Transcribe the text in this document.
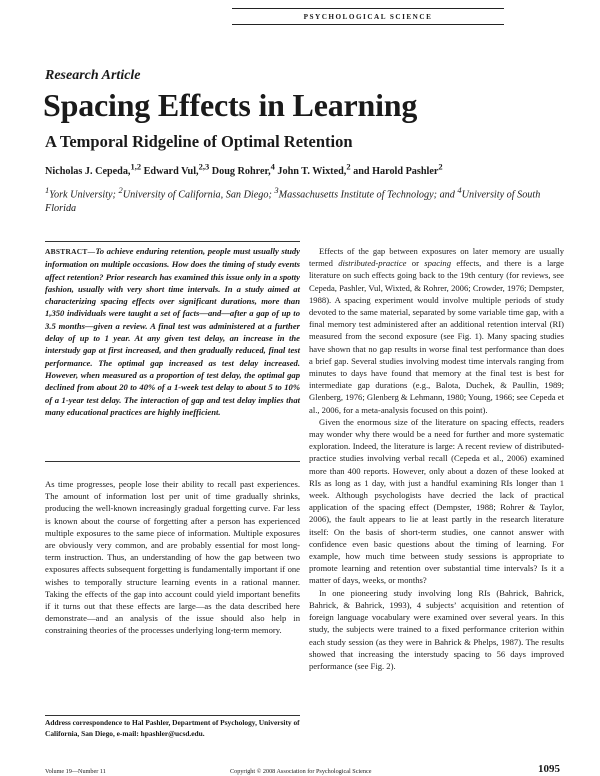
PSYCHOLOGICAL SCIENCE
Research Article
Spacing Effects in Learning
A Temporal Ridgeline of Optimal Retention
Nicholas J. Cepeda,$^{1,2}$ Edward Vul,$^{2,3}$ Doug Rohrer,$^4$ John T. Wixted,$^2$ and Harold Pashler$^2$
$^1$York University; $^2$University of California, San Diego; $^3$Massachusetts Institute of Technology; and $^4$University of South Florida
ABSTRACT—To achieve enduring retention, people must usually study information on multiple occasions. How does the timing of study events affect retention? Prior research has examined this issue only in a spotty fashion, usually with very short time intervals. In a study aimed at characterizing spacing effects over significant durations, more than 1,350 individuals were taught a set of facts—and—after a gap of up to 3.5 months—given a review. A final test was administered at a further delay of up to 1 year. At any given test delay, an increase in the interstudy gap at first increased, and then gradually reduced, final test performance. The optimal gap increased as test delay increased. However, when measured as a proportion of test delay, the optimal gap declined from about 20 to 40% of a 1-week test delay to about 5 to 10% of a 1-year test delay. The interaction of gap and test delay implies that many educational practices are highly inefficient.

As time progresses, people lose their ability to recall past experiences. The amount of information lost per unit of time gradually shrinks, producing the well-known increasingly gradual forgetting curve. Far less is known about the course of forgetting after a person has experienced multiple exposures to the same piece of information. Multiple exposures are obviously very common, and are probably essential for most long-term instruction. Thus, an understanding of how the gap between two exposures affects subsequent forgetting is fundamentally important if one wishes to temporally structure learning events in a rational manner. Taking the effects of the gap into account could yield important benefits if it turns out that these effects are large—as the data described here demonstrate—and an analysis of the issue should also help in constraining theories of the processes underlying long-term memory.

Effects of the gap between exposures on later memory are usually termed distributed-practice or spacing effects, and there is a large literature on such effects going back to the 19th century (for reviews, see Cepeda, Pashler, Vul, Wixted, & Rohrer, 2006; Crowder, 1976; Dempster, 1988). A spacing experiment would involve multiple periods of study devoted to the same material, separated by some variable time gap, with a final memory test administered after an additional retention interval (RI) measured from the second exposure (see Fig. 1). Many spacing studies have shown that no gap results in worse final test performance than does a brief gap. Several studies involving modest time intervals ranging from minutes to days have found that memory at the final test is best for intermediate gap durations (e.g., Balota, Duchek, & Paullin, 1989; Glenberg, 1976; Glenberg & Lehmann, 1980; Young, 1966; see Cepeda et al., 2006, for a meta-analysis focused on this point).

Given the enormous size of the literature on spacing effects, readers may wonder why there would be a need for further and more systematic exploration. Indeed, the literature is large: A recent review of distributed-practice studies involving verbal recall (Cepeda et al., 2006) examined more than 400 reports. However, only about a dozen of these looked at RIs as long as 1 day, with just a handful examining RIs longer than 1 week. Although psychologists have decried the lack of practical application of the spacing effect (Dempster, 1988; Rohrer & Taylor, 2006), the fault appears to lie at least partly in the research literature itself: On the basis of short-term studies, one cannot answer with confidence even basic questions about the timing of learning. For example, how much time between study sessions is appropriate to promote learning and retention over substantial time intervals? Is it a matter of days, weeks, or months?

In one pioneering study involving long RIs (Bahrick, Bahrick, Bahrick, & Bahrick, 1993), 4 subjects’ acquisition and retention of foreign language vocabulary were examined over several years. In this study, the subjects were trained to a fixed performance criterion within each study session (as they were in Bahrick & Phelps, 1987). The results showed that increasing the interstudy spacing to 56 days improved performance (see Fig. 2).

Address correspondence to Hal Pashler, Department of Psychology, University of California, San Diego, e-mail: hpashler@ucsd.edu.
Volume 19—Number 11	Copyright © 2008 Association for Psychological Science	1095
